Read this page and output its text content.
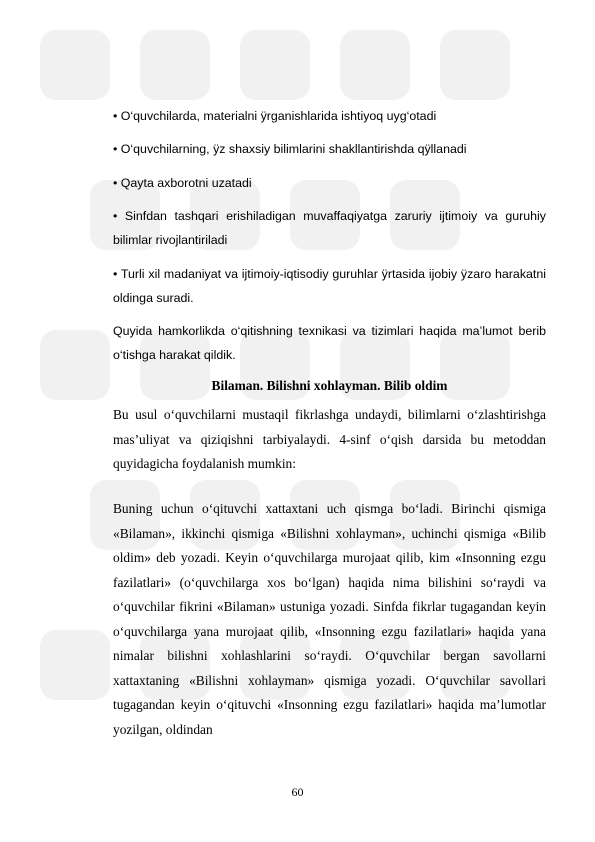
• O‘quvchilarda, materialni ÿrganishlarida ishtiyoq uyg‘otadi
• O‘quvchilarning, ÿz shaxsiy bilimlarini shakllantirishda qÿllanadi
• Qayta axborotni uzatadi
• Sinfdan tashqari erishiladigan muvaffaqiyatga zaruriy ijtimoiy va guruhiy bilimlar rivojlantiriladi
• Turli xil madaniyat va ijtimoiy-iqtisodiy guruhlar ÿrtasida ijobiy ÿzaro harakatni oldinga suradi.
Quyida hamkorlikda o‘qitishning texnikasi va tizimlari haqida ma’lumot berib o‘tishga harakat qildik.
Bilaman. Bilishni xohlayman. Bilib oldim
Bu usul o‘quvchilarni mustaqil fikrlashga undaydi, bilimlarni o‘zlashtirishga mas’uliyat va qiziqishni tarbiyalaydi. 4-sinf o‘qish darsida bu metoddan quyidagicha foydalanish mumkin:
Buning uchun o‘qituvchi xattaxtani uch qismga bo‘ladi. Birinchi qismiga «Bilaman», ikkinchi qismiga «Bilishni xohlayman», uchinchi qismiga «Bilib oldim» deb yozadi. Keyin o‘quvchilarga murojaat qilib, kim «Insonning ezgu fazilatlari» (o‘quvchilarga xos bo‘lgan) haqida nima bilishini so‘raydi va o‘quvchilar fikrini «Bilaman» ustuniga yozadi. Sinfda fikrlar tugagandan keyin o‘quvchilarga yana murojaat qilib, «Insonning ezgu fazilatlari» haqida yana nimalar bilishni xohlashlarini so‘raydi. O‘quvchilar bergan savollarni xattaxtaning «Bilishni xohlayman» qismiga yozadi. O‘quvchilar savollari tugagandan keyin o‘qituvchi «Insonning ezgu fazilatlari» haqida ma’lumotlar yozilgan, oldindan
60
